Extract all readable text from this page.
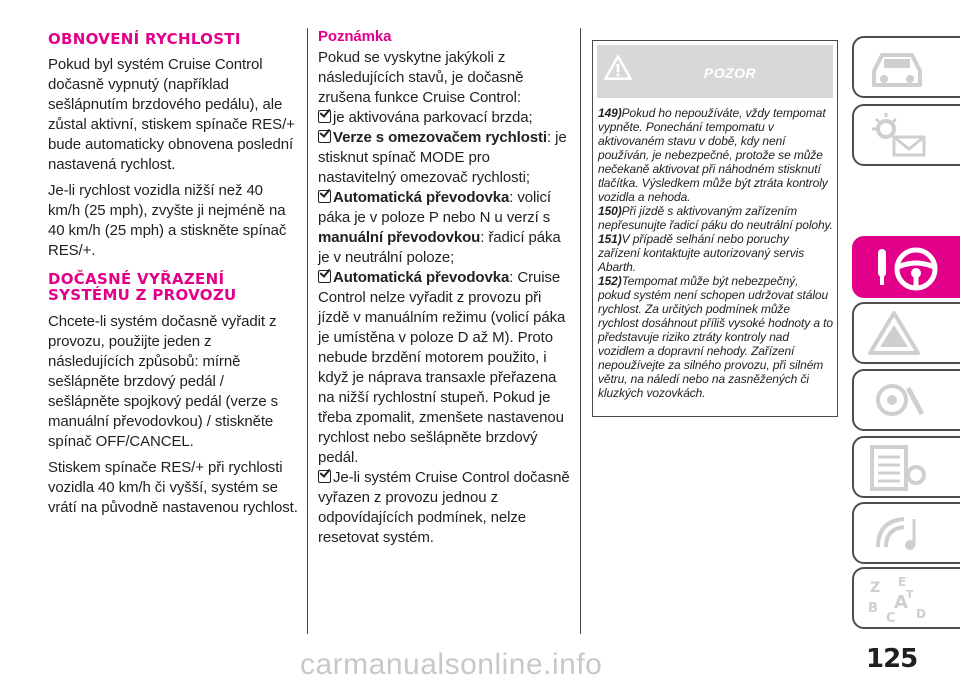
OBNOVENÍ RYCHLOSTI

Pokud byl systém Cruise Control dočasně vypnutý (například sešlápnutím brzdového pedálu), ale zůstal aktivní, stiskem spínače RES/+ bude automaticky obnovena poslední nastavená rychlost.

Je-li rychlost vozidla nižší než 40 km/h (25 mph), zvyšte ji nejméně na 40 km/h (25 mph) a stiskněte spínač RES/+.

DOČASNÉ VYŘAZENÍ SYSTÉMU Z PROVOZU

Chcete-li systém dočasně vyřadit z provozu, použijte jeden z následujících způsobů: mírně sešlápněte brzdový pedál / sešlápněte spojkový pedál (verze s manuální převodovkou) / stiskněte spínač OFF/CANCEL.

Stiskem spínače RES/+ při rychlosti vozidla 40 km/h či vyšší, systém se vrátí na původně nastavenou rychlost.

Poznámka

Pokud se vyskytne jakýkoli z následujících stavů, je dočasně zrušena funkce Cruise Control:

je aktivována parkovací brzda;

Verze s omezovačem rychlosti: je stisknut spínač MODE pro nastavitelný omezovač rychlosti;

Automatická převodovka: volicí páka je v poloze P nebo N u verzí s manuální převodovkou: řadicí páka je v neutrální poloze;

Automatická převodovka: Cruise Control nelze vyřadit z provozu při jízdě v manuálním režimu (volicí páka je umístěna v poloze D až M). Proto nebude brzdění motorem použito, i když je náprava transaxle přeřazena na nižší rychlostní stupeň. Pokud je třeba zpomalit, zmenšete nastavenou rychlost nebo sešlápněte brzdový pedál.

Je-li systém Cruise Control dočasně vyřazen z provozu jednou z odpovídajících podmínek, nelze resetovat systém.

POZOR

149)Pokud ho nepoužíváte, vždy tempomat vypněte. Ponechání tempomatu v aktivovaném stavu v době, kdy není používán, je nebezpečné, protože se může nečekaně aktivovat při náhodném stisknutí tlačítka. Výsledkem může být ztráta kontroly vozidla a nehoda.

150)Při jízdě s aktivovaným zařízením nepřesunujte řadicí páku do neutrální polohy.

151)V případě selhání nebo poruchy zařízení kontaktujte autorizovaný servis Abarth.

152)Tempomat může být nebezpečný, pokud systém není schopen udržovat stálou rychlost. Za určitých podmínek může rychlost dosáhnout příliš vysoké hodnoty a to představuje riziko ztráty kontroly nad vozidlem a dopravní nehody. Zařízení nepoužívejte za silného provozu, při silném větru, na náledí nebo na zasněžených či kluzkých vozovkách.

Z E
B
C
A
D
T
125
carmanualsonline.info
